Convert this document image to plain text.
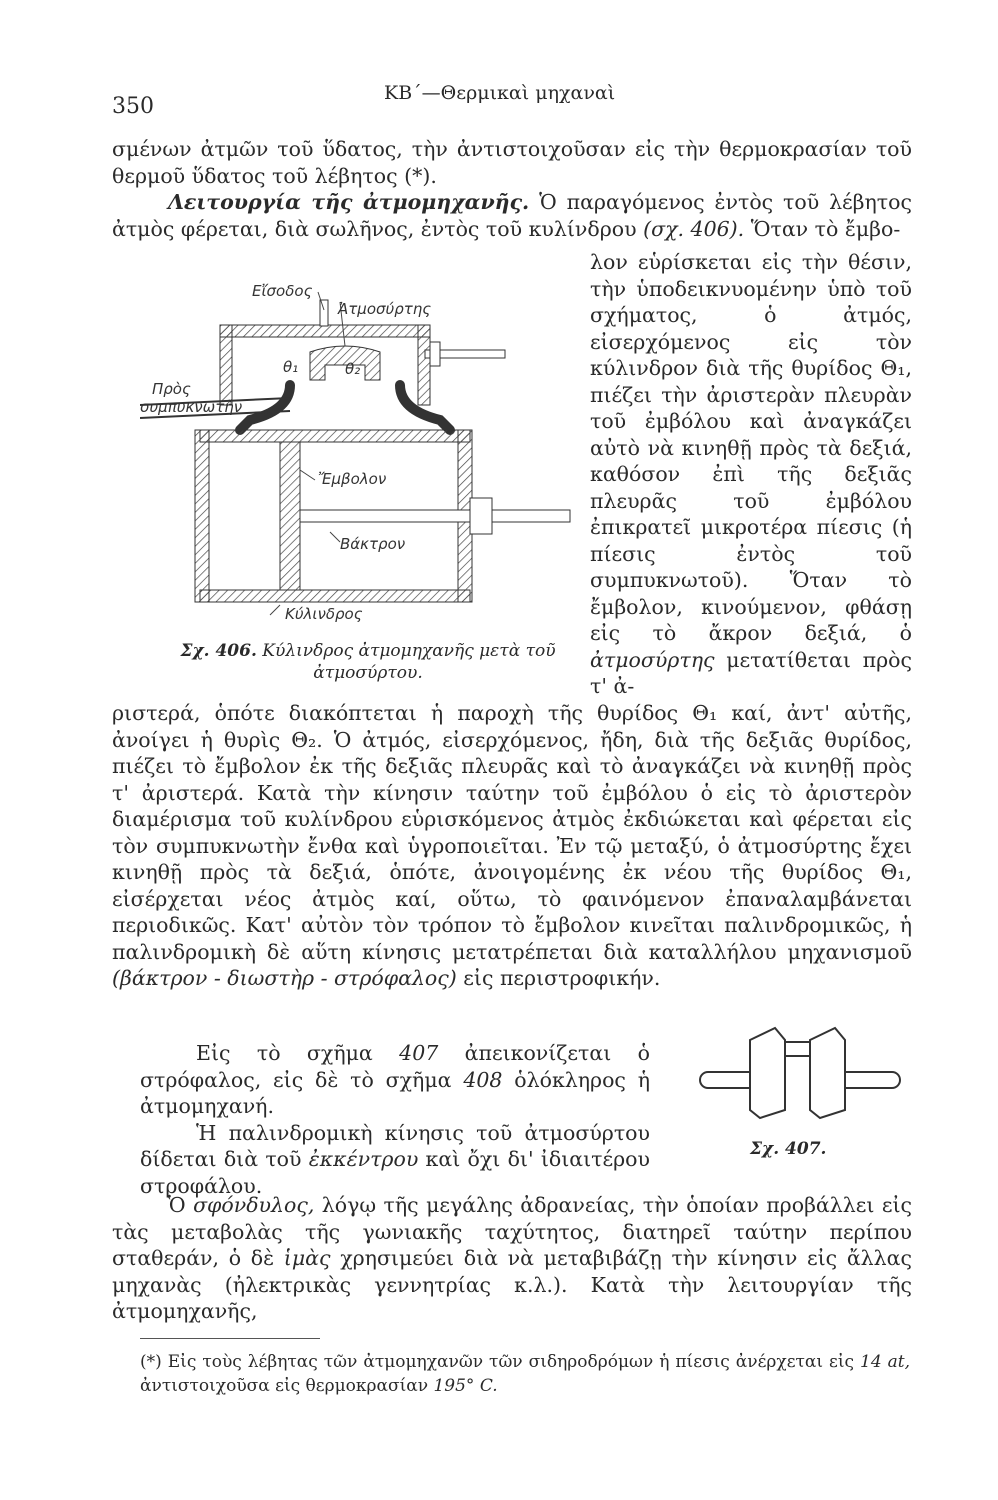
350
ΚΒ΄—Θερμικαὶ μηχαναὶ

σμένων ἀτμῶν τοῦ ὕδατος, τὴν ἀντιστοιχοῦσαν εἰς τὴν θερμοκρασίαν τοῦ θερμοῦ ὕδατος τοῦ λέβητος (*).

Λειτουργία τῆς ἀτμομηχανῆς. Ὁ παραγόμενος ἐντὸς τοῦ λέβητος ἀτμὸς φέρεται, διὰ σωλῆνος, ἐντὸς τοῦ κυλίνδρου (σχ. 406). Ὅταν τὸ ἔμβο-

Εἴσοδος
Ἀτμοσύρτης
θ₁	θ₂
Πρὸς
συμπυκνωτὴν
Ἔμβολον
Βάκτρον
Κύλινδρος
Σχ. 406. Κύλινδρος ἀτμομηχανῆς μετὰ τοῦ ἀτμοσύρτου.
λον εὑρίσκεται εἰς τὴν θέσιν, τὴν ὑποδεικνυομένην ὑπὸ τοῦ σχήματος, ὁ ἀτμός, εἰσερχόμενος εἰς τὸν κύλινδρον διὰ τῆς θυρίδος Θ₁, πιέζει τὴν ἀριστερὰν πλευρὰν τοῦ ἐμβόλου καὶ ἀναγκάζει αὐτὸ νὰ κινηθῇ πρὸς τὰ δεξιά, καθόσον ἐπὶ τῆς δεξιᾶς πλευρᾶς τοῦ ἐμβόλου ἐπικρατεῖ μικροτέρα πίεσις (ἡ πίεσις ἐντὸς τοῦ συμπυκνωτοῦ). Ὅταν τὸ ἔμβολον, κινούμενον, φθάσῃ εἰς τὸ ἄκρον δεξιά, ὁ ἀτμοσύρτης μετατίθεται πρὸς τ' ἀ-
ριστερά, ὁπότε διακόπτεται ἡ παροχὴ τῆς θυρίδος Θ₁ καί, ἀντ' αὐτῆς, ἀνοίγει ἡ θυρὶς Θ₂. Ὁ ἀτμός, εἰσερχόμενος, ἤδη, διὰ τῆς δεξιᾶς θυρίδος, πιέζει τὸ ἔμβολον ἐκ τῆς δεξιᾶς πλευρᾶς καὶ τὸ ἀναγκάζει νὰ κινηθῇ πρὸς τ' ἀριστερά. Κατὰ τὴν κίνησιν ταύτην τοῦ ἐμβόλου ὁ εἰς τὸ ἀριστερὸν διαμέρισμα τοῦ κυλίνδρου εὑρισκόμενος ἀτμὸς ἐκδιώκεται καὶ φέρεται εἰς τὸν συμπυκνωτὴν ἔνθα καὶ ὑγροποιεῖται. Ἐν τῷ μεταξύ, ὁ ἀτμοσύρτης ἔχει κινηθῇ πρὸς τὰ δεξιά, ὁπότε, ἀνοιγομένης ἐκ νέου τῆς θυρίδος Θ₁, εἰσέρχεται νέος ἀτμὸς καί, οὕτω, τὸ φαινόμενον ἐπαναλαμβάνεται περιοδικῶς. Κατ' αὐτὸν τὸν τρόπον τὸ ἔμβολον κινεῖται παλινδρομικῶς, ἡ παλινδρομικὴ δὲ αὕτη κίνησις μετατρέπεται διὰ καταλλήλου μηχανισμοῦ (βάκτρον - διωστὴρ - στρόφαλος) εἰς περιστροφικήν.

Εἰς τὸ σχῆμα 407 ἀπεικονίζεται ὁ στρόφαλος, εἰς δὲ τὸ σχῆμα 408 ὁλόκληρος ἡ ἀτμομηχανή.

Ἡ παλινδρομικὴ κίνησις τοῦ ἀτμοσύρτου δίδεται διὰ τοῦ ἐκκέντρου καὶ ὄχι δι' ἰδιαιτέρου στροφάλου.

Σχ. 407.

Ὁ σφόνδυλος, λόγῳ τῆς μεγάλης ἀδρανείας, τὴν ὁποίαν προβάλλει εἰς τὰς μεταβολὰς τῆς γωνιακῆς ταχύτητος, διατηρεῖ ταύτην περίπου σταθεράν, ὁ δὲ ἱμὰς χρησιμεύει διὰ νὰ μεταβιβάζῃ τὴν κίνησιν εἰς ἄλλας μηχανὰς (ἠλεκτρικὰς γεννητρίας κ.λ.). Κατὰ τὴν λειτουργίαν τῆς ἀτμομηχανῆς,

(*) Εἰς τοὺς λέβητας τῶν ἀτμομηχανῶν τῶν σιδηροδρόμων ἡ πίεσις ἀνέρχεται εἰς 14 at, ἀντιστοιχοῦσα εἰς θερμοκρασίαν 195° C.
